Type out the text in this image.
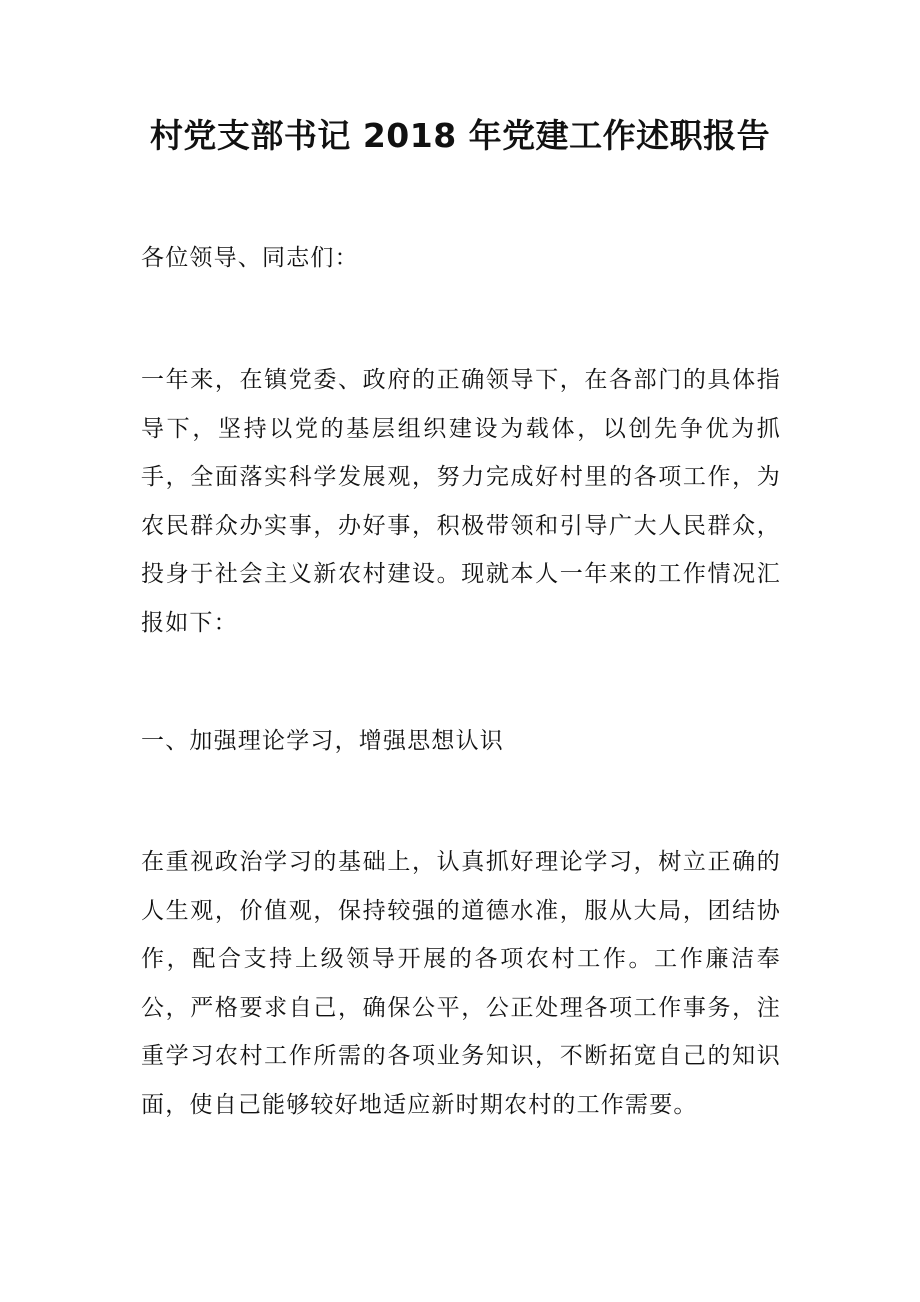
村党支部书记 2018 年党建工作述职报告

各位领导、同志们：

一年来，在镇党委、政府的正确领导下，在各部门的具体指导下，坚持以党的基层组织建设为载体，以创先争优为抓手，全面落实科学发展观，努力完成好村里的各项工作，为农民群众办实事，办好事，积极带领和引导广大人民群众，投身于社会主义新农村建设。现就本人一年来的工作情况汇报如下：

一、加强理论学习，增强思想认识

在重视政治学习的基础上，认真抓好理论学习，树立正确的人生观，价值观，保持较强的道德水准，服从大局，团结协作，配合支持上级领导开展的各项农村工作。工作廉洁奉公，严格要求自己，确保公平，公正处理各项工作事务，注重学习农村工作所需的各项业务知识，不断拓宽自己的知识面，使自己能够较好地适应新时期农村的工作需要。
